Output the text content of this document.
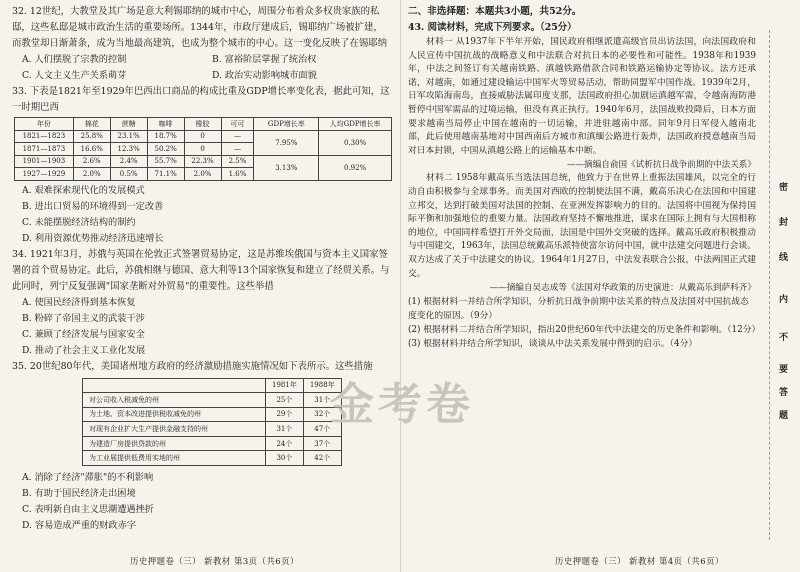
32. 12世纪，大教堂及其广场是意大利锡耶纳的城市中心，周围分布着众多权贵家族的私邸，这些私邸是城市政治生活的重要场所。1344年，市政厅建成后，锡耶纳广场被扩建，而教堂却日渐萧条，成为当地最高建筑，也成为整个城市的中心。这一变化反映了在锡耶纳

A. 人们摆脱了宗教的控制	B. 富裕阶层掌握了统治权
C. 人文主义生产关系萌芽	D. 政治实动影响城市面貌

33. 下表是1821年至1929年巴西出口商品的构成比重及GDP增长率变化表，据此可知，这一时期巴西

年份	棉花	蔗糖	咖啡	橡胶	可可	GDP增长率	人均GDP增长率
1821—1823	25.8%	23.1%	18.7%	0	—	7.95%	0.30%
1871—1873	16.6%	12.3%	50.2%	0	—		
1901—1903	2.6%	2.4%	55.7%	22.3%	2.5%	3.13%	0.92%
1927—1929	2.0%	0.5%	71.1%	2.0%	1.6%		

A. 艰难探索现代化的发展模式

B. 进出口贸易的环境得到一定改善

C. 未能摆脱经济结构的制约

D. 利用资源优势推动经济迅速增长

34. 1921年3月，苏俄与英国在伦敦正式签署贸易协定，这是苏维埃俄国与资本主义国家签署的首个贸易协定。此后，苏俄相继与德国、意大利等13个国家恢复和建立了经贸关系。与此同时，列宁反复强调"国家垄断对外贸易"的重要性。这些举措

A. 使国民经济得到基本恢复

B. 粉碎了帝国主义的武装干涉

C. 兼顾了经济发展与国家安全

D. 推动了社会主义工业化发展

35. 20世纪80年代，美国诸州地方政府的经济激励措施实施情况如下表所示。这些措施

	1981年	1988年
对公司收入税减免的州	25个	31个
为土地、资本改进提供税收减免的州	29个	32个
对现有企业扩大生产提供金融支持的州	31个	47个
为建造厂房提供贷款的州	24个	37个
为工业展提供低费用实地的州	30个	42个

A. 消除了经济"滞胀"的不利影响

B. 有助于国民经济走出困境

C. 表明新自由主义思潮遭遇挫折

D. 容易造成严重的财政赤字

二、非选择题：本题共3小题，共52分。

43. 阅读材料，完成下列要求。（25分）

材料一 从1937年下半年开始，国民政府相继派遣高级官员出访法国，向法国政府和人民宣传中国抗战的战略意义和中法联合对抗日本的必要性和可能性。1938年和1939年，中法之间签订有关越南铁路、滇越铁路借款合同和铁路运输协定等协议。法方还承诺，对越南，如通过建设输运中国军火等贸易活动，帮助同盟军中国作战。1939年2月，日军攻陷海南岛，直接威胁法属印度支那，法国政府担心加剧运滇越军需，令越南海防港暂停中国军需品的过境运输，但没有真正执行。1940年6月，法国战败投降后，日本方面要求越南当局停止中国在越南的一切运输，并进驻越南中部。同年9月日军侵入越南北部，此后使用越南基地对中国西南后方城市和滇缅公路进行轰炸，法国政府授意越南当局对日本封锁，中国从滇越公路上的运输基本中断。

——摘编自俞国《试析抗日战争前期的中法关系》

材料二 1958年戴高乐当选法国总统，他致力于在世界上重振法国雄风，以完全的行动自由积极参与全球事务。而美国对西欧的控制使法国不满，戴高乐决心在法国和中国建立邦交，达到打破美国对法国的控制、在亚洲发挥影响力的目的。法国将中国视为保持国际平衡和加强地位的重要力量。法国政府坚持不懈地推进，谋求在国际上拥有与大国相称的地位，中国同样希望打开外交局面，法国是中国外交突破的选择。戴高乐政府积极推动与中国建交，1963年，法国总统戴高乐派特使富尔访问中国，就中法建交问题进行会谈。双方达成了关于中法建交的协议。1964年1月27日，中法发表联合公报，中法两国正式建交。

——摘编自吴志成等《法国对华政策的历史演进：从戴高乐到萨科齐》

(1) 根据材料一并结合所学知识，分析抗日战争前期中法关系的特点及法国对中国抗战态度变化的原因。（9分）

(2) 根据材料二并结合所学知识，指出20世纪60年代中法建交的历史条件和影响。（12分）

(3) 根据材料并结合所学知识，谈谈从中法关系发展中得到的启示。（4分）

金考卷
密
封
线
内
不
要
答
题
历史押题卷（三） 新教材 第3页（共6页）	历史押题卷（三） 新教材 第4页（共6页）
